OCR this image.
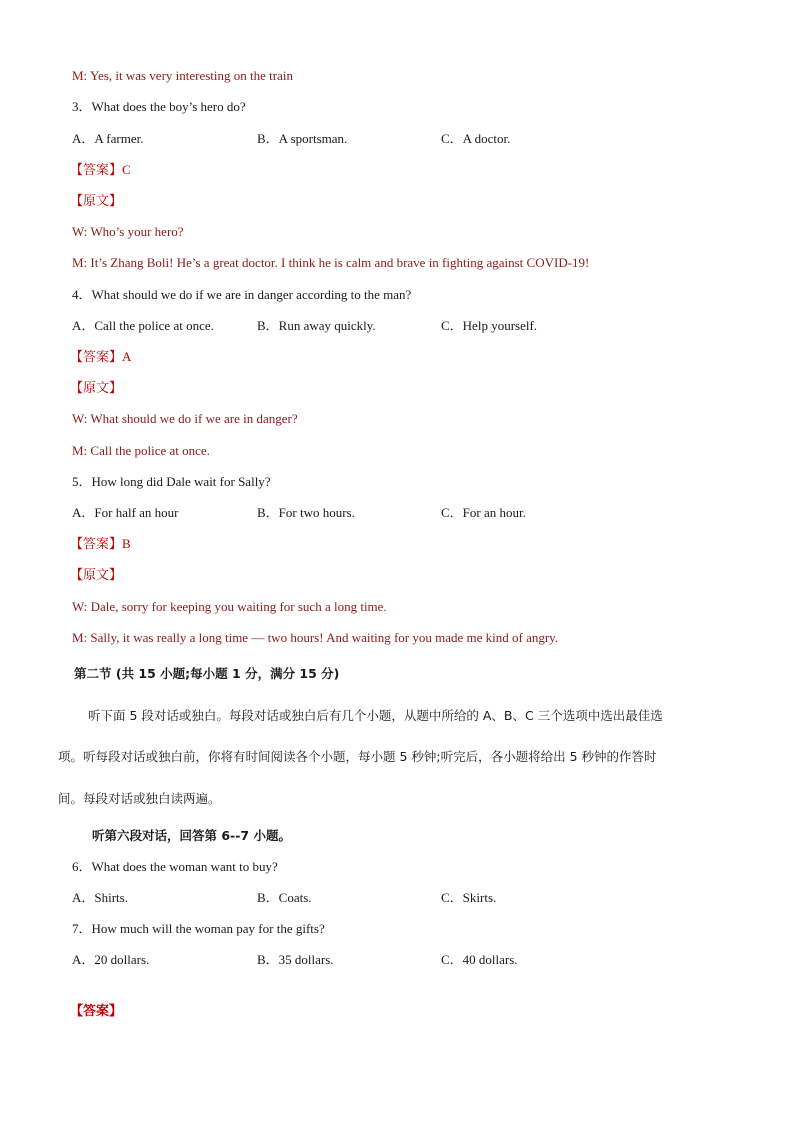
M: Yes, it was very interesting on the train
3．What does the boy’s hero do?
A．A farmer.	B．A sportsman.	C．A doctor.
【答案】C
【原文】
W: Who’s your hero?
M: It’s Zhang Boli! He’s a great doctor. I think he is calm and brave in fighting against COVID-19!
4．What should we do if we are in danger according to the man?
A．Call the police at once.	B．Run away quickly.	C．Help yourself.
【答案】A
【原文】
W: What should we do if we are in danger?
M: Call the police at once.
5．How long did Dale wait for Sally?
A．For half an hour	B．For two hours.	C．For an hour.
【答案】B
【原文】
W: Dale, sorry for keeping you waiting for such a long time.
M: Sally, it was really a long time — two hours! And waiting for you made me kind of angry.
第二节 (共 15 小题;每小题 1 分，满分 15 分)
听下面 5 段对话或独白。每段对话或独白后有几个小题，从题中所给的 A、B、C 三个选项中选出最佳选
项。听每段对话或独白前，你将有时间阅读各个小题，每小题 5 秒钟;听完后，各小题将给出 5 秒钟的作答时
间。每段对话或独白读两遍。
听第六段对话，回答第 6--7 小题。
6．What does the woman want to buy?
A．Shirts.	B．Coats.	C．Skirts.
7．How much will the woman pay for the gifts?
A．20 dollars.	B．35 dollars.	C．40 dollars.
【答案】
